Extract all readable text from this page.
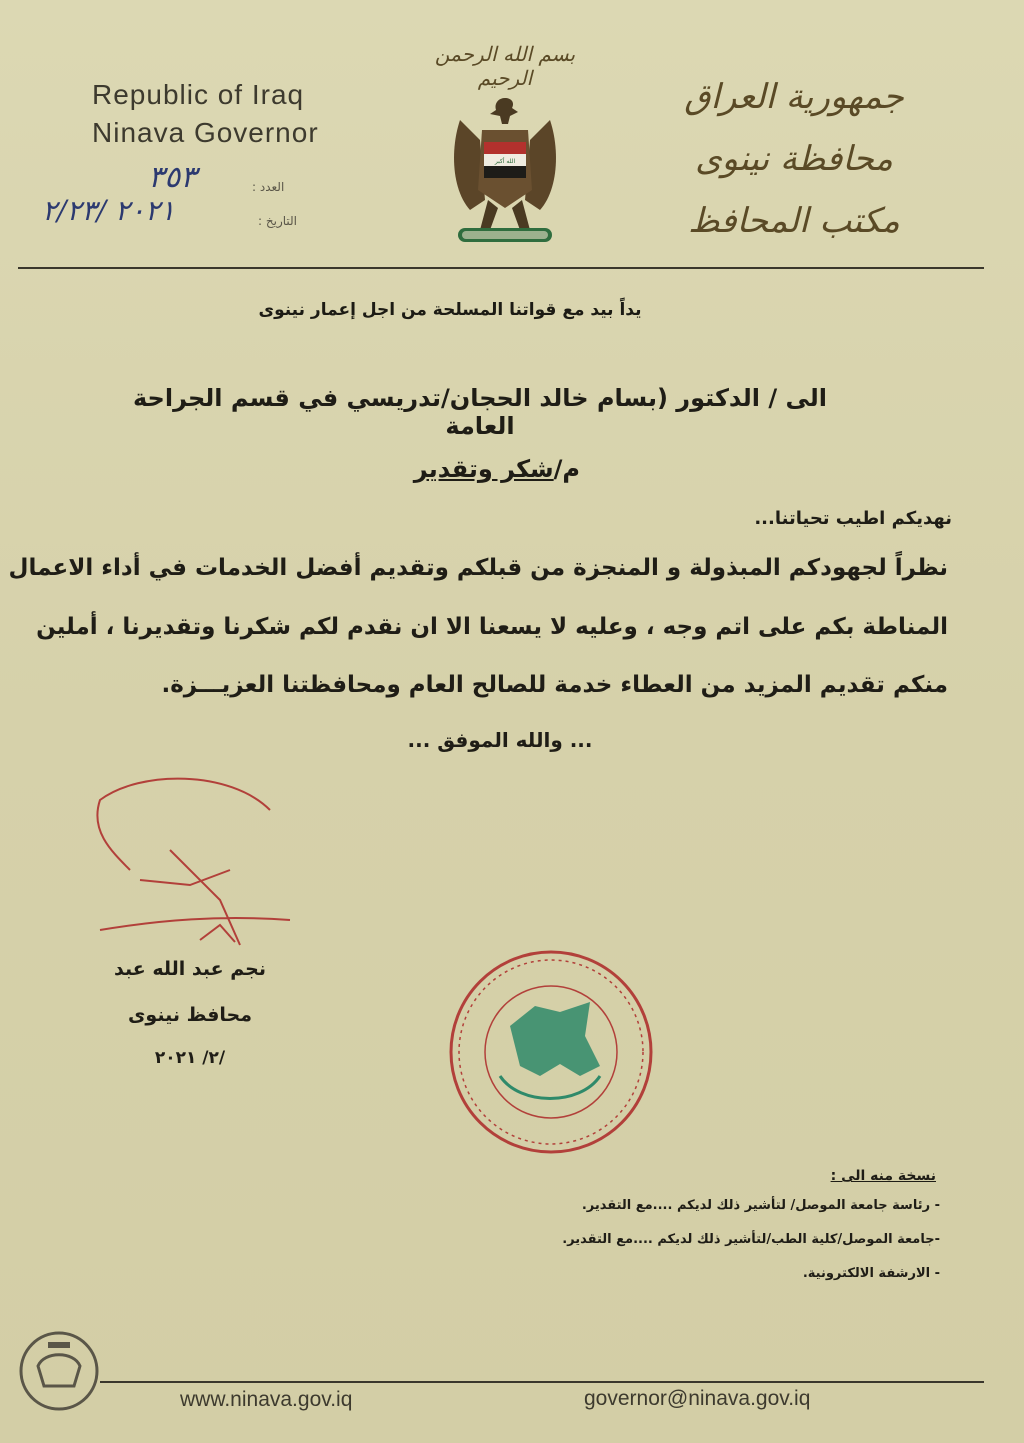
Republic of Iraq
Ninava Governor
بسم الله الرحمن الرحيم
الله أكبر
جمهورية العراق
محافظة نينوى
مكتب المحافظ
العدد :
٣٥٣
التاريخ :
٢٠٢١ /٢/٢٣
يداً بيد مع قواتنا المسلحة من اجل إعمار نينوى
الى / الدكتور (بسام خالد الحجان/تدريسي في قسم الجراحة العامة
م/شكر وتقدير
نهديكم اطيب تحياتنا...
نظراً لجهودكم المبذولة و المنجزة من قبلكم وتقديم أفضل الخدمات في أداء الاعمال
المناطة بكم على اتم وجه ، وعليه لا يسعنا الا ان نقدم لكم شكرنا وتقديرنا ، أملين
منكم تقديم المزيد من العطاء خدمة للصالح العام ومحافظتنا العزيـــزة.
... والله الموفق ...
نجم عبد الله عبد
محافظ نينوى
/٢/ ٢٠٢١
نسخة منه الى :
- رئاسة جامعة الموصل/ لتأشير ذلك لديكم ....مع التقدير.
-جامعة الموصل/كلية الطب/لتأشير ذلك لديكم ....مع التقدير.
- الارشفة الالكترونية.
www.ninava.gov.iq	governor@ninava.gov.iq
